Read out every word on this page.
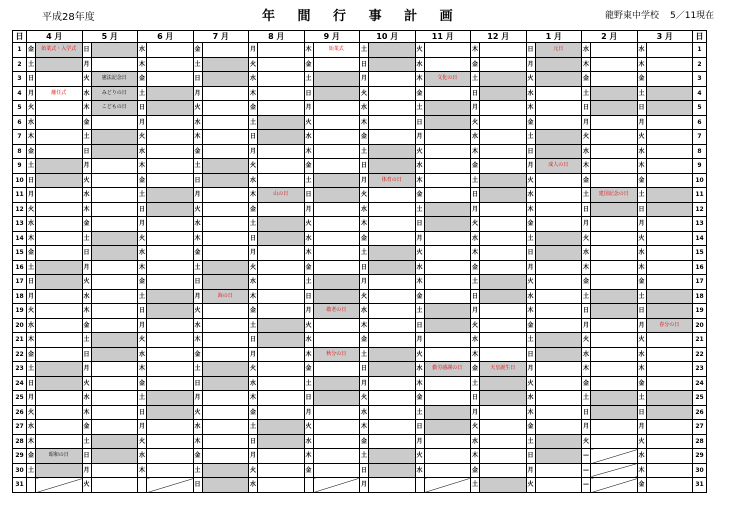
平成28年度	年 間 行 事 計 画	龍野東中学校 5／11現在
日	4 月		5 月		6 月		7 月		8 月		9 月		10 月		11 月		12 月		1 月		2 月		3 月		日
1	金	始業式・入学式	日		水		金		月		木	始業式	土		火		木		日	元日	水		水		1
2	土		月		木		土		火		金		日		水		金		月		木		木		2
3	日		火	憲法記念日	金		日		水		土		月		木	文化の日	土		火		金		金		3
4	月	離任式	水	みどりの日	土		月		木		日		火		金		日		水		土		土		4
5	火		木	こどもの日	日		火		金		月		水		土		月		木		日		日		5
6	水		金		月		水		土		火		木		日		火		金		月		月		6
7	木		土		火		木		日		水		金		月		水		土		火		火		7
8	金		日		水		金		月		木		土		火		木		日		水		水		8
9	土		月		木		土		火		金		日		水		金		月	成人の日	木		木		9
10	日		火		金		日		水		土		月	体育の日	木		土		火		金		金		10
11	月		水		土		月		木	山の日	日		火		金		日		水		土	建国記念の日	土		11
12	火		木		日		火		金		月		水		土		月		木		日		日		12
13	水		金		月		水		土		火		木		日		火		金		月		月		13
14	木		土		火		木		日		水		金		月		水		土		火		火		14
15	金		日		水		金		月		木		土		火		木		日		水		水		15
16	土		月		木		土		火		金		日		水		金		月		木		木		16
17	日		火		金		日		水		土		月		木		土		火		金		金		17
18	月		水		土		月	海の日	木		日		火		金		日		水		土		土		18
19	火		木		日		火		金		月	敬老の日	水		土		月		木		日		日		19
20	水		金		月		水		土		火		木		日		火		金		月		月	春分の日	20
21	木		土		火		木		日		水		金		月		水		土		火		火		21
22	金		日		水		金		月		木	秋分の日	土		火		木		日		水		水		22
23	土		月		木		土		火		金		日		水	勤労感謝の日	金	天皇誕生日	月		木		木		23
24	日		火		金		日		水		土		月		木		土		火		金		金		24
25	月		水		土		月		木		日		火		金		日		水		土		土		25
26	火		木		日		火		金		月		水		土		月		木		日		日		26
27	水		金		月		水		土		火		木		日		火		金		月		月		27
28	木		土		火		木		日		水		金		月		水		土		火		火		28
29	金	昭和の日	日		水		金		月		木		土		火		木		日		—		水		29
30	土		月		木		土		火		金		日		水		金		月		—		木		30
31			火				日		水				月				土		火		—		金		31
